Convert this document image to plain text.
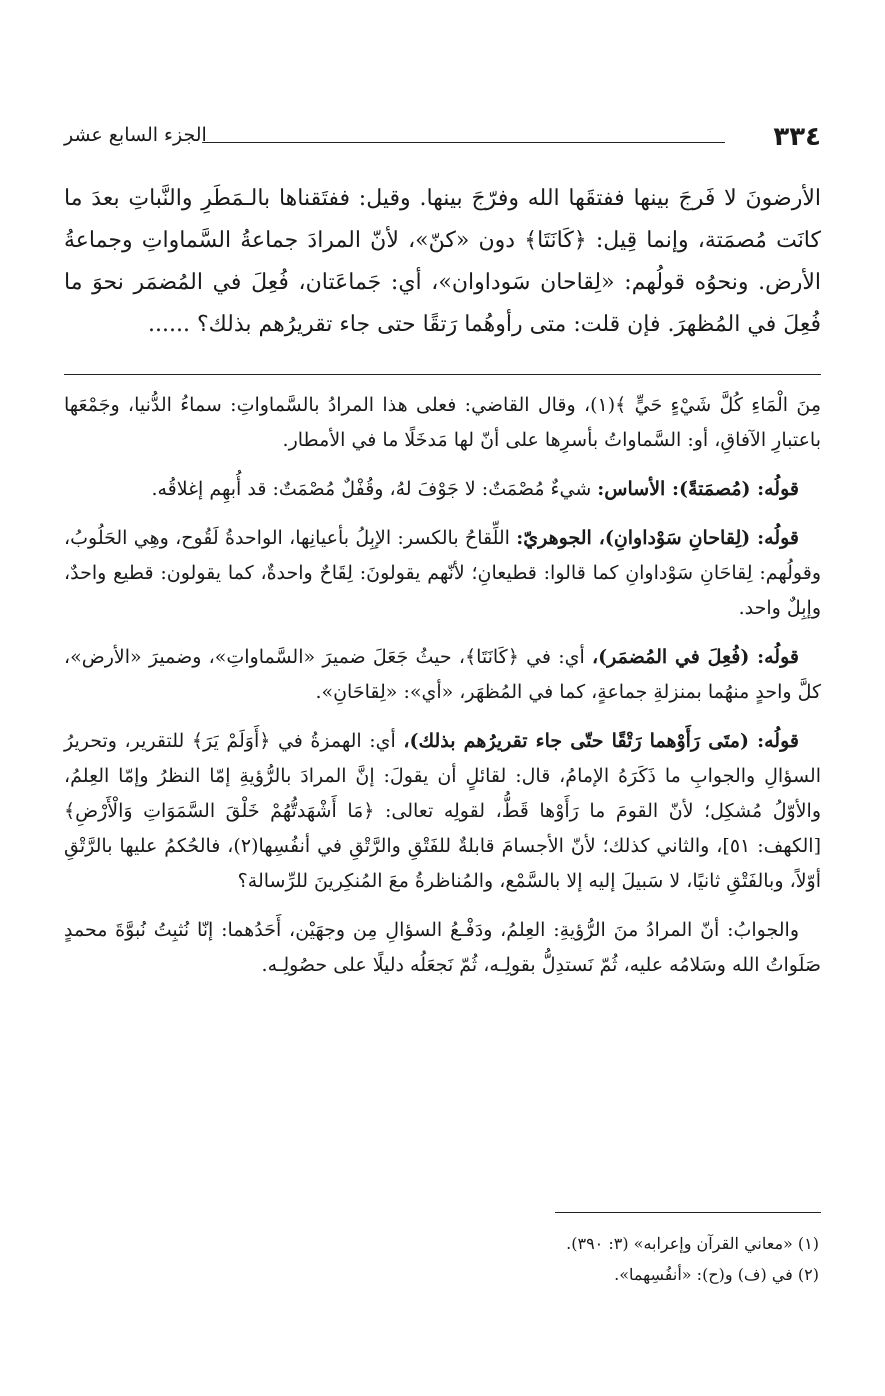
٣٣٤
الجزء السابع عشر

الأرضونَ لا فَرجَ بينها ففتقَها الله وفرّجَ بينها. وقيل: ففتَقناها بالـمَطَرِ والنَّباتِ بعدَ ما كانَت مُصمَتة، وإنما قِيل: ﴿كَانَتَا﴾ دون «كنّ»، لأنّ المرادَ جماعةُ السَّماواتِ وجماعةُ الأرض. ونحوُه قولُهم: «لِقاحان سَوداوان»، أي: جَماعَتان، فُعِلَ في المُضمَر نحوَ ما فُعِلَ في المُظهرَ. فإن قلت: متى رأوهُما رَتقًا حتى جاء تقريرُهم بذلك؟ ......

مِنَ الْمَاءِ كُلَّ شَيْءٍ حَيٍّ ﴾(١)، وقال القاضي: فعلى هذا المرادُ بالسَّماواتِ: سماءُ الدُّنيا، وجَمْعَها باعتبارِ الآفاقِ، أو: السَّماواتُ بأسرِها على أنّ لها مَدخَلًا ما في الأمطار.

قولُه: (مُصمَتةً): الأساس: شيءٌ مُصْمَتٌ: لا جَوْفَ لهُ، وقُفْلٌ مُصْمَتٌ: قد أُبهِم إغلاقُه.

قولُه: (لِقاحانِ سَوْداوانِ)، الجوهريّ: اللِّقاحُ بالكسر: الإبِلُ بأعيانِها، الواحدةُ لَقُوح، وهِي الحَلُوبُ، وقولُهم: لِقاحَانِ سَوْداوانِ كما قالوا: قطيعانِ؛ لأنّهم يقولونَ: لِقَاحٌ واحدةٌ، كما يقولون: قطيع واحدٌ، وإبِلٌ واحد.

قولُه: (فُعِلَ في المُضمَر)، أي: في ﴿كَانَتَا﴾، حيثُ جَعَلَ ضميرَ «السَّماواتِ»، وضميرَ «الأرض»، كلَّ واحدٍ منهُما بمنزلةِ جماعةٍ، كما في المُظهَر، «أي»: «لِقاحَانِ».

قولُه: (متَى رَأَوْهما رَتْقًا حتّى جاء تقريرُهم بذلك)، أي: الهمزةُ في ﴿أَوَلَمْ يَرَ﴾ للتقرير، وتحريرُ السؤالِ والجوابِ ما ذَكَرَهُ الإمامُ، قال: لقائلٍ أن يقولَ: إنَّ المرادَ بالرُّؤيةِ إمّا النظرُ وإمّا العِلمُ، والأوّلُ مُشكِل؛ لأنّ القومَ ما رَأَوْها قَطُّ، لقولِه تعالى: ﴿مَا أَشْهَدتُّهُمْ خَلْقَ السَّمَوَاتِ وَالْأَرْضِ﴾ [الكهف: ٥١]، والثاني كذلك؛ لأنّ الأجسامَ قابلةٌ للفَتْقِ والرَّتْقِ في أنفُسِها(٢)، فالحُكمُ عليها بالرَّتْقِ أوّلاً، وبالفَتْقِ ثانيًا، لا سَبيلَ إليه إلا بالسَّمْع، والمُناظرةُ معَ المُنكِرينَ للرِّسالة؟

والجوابُ: أنّ المرادُ منَ الرُّؤيةِ: العِلمُ، ودَفْـعُ السؤالِ مِن وجهَيْن، أَحَدُهما: إنّا نُثبِتُ نُبوَّةَ محمدٍ صَلَواتُ الله وسَلامُه عليه، ثُمّ نَستدِلُّ بقولِـه، ثُمّ نَجعَلُه دليلًا على حصُولِـه.

(١) «معاني القرآن وإعرابه» (٣: ٣٩٠).
(٢) في (ف) و(ح): «أنفُسِهما».
